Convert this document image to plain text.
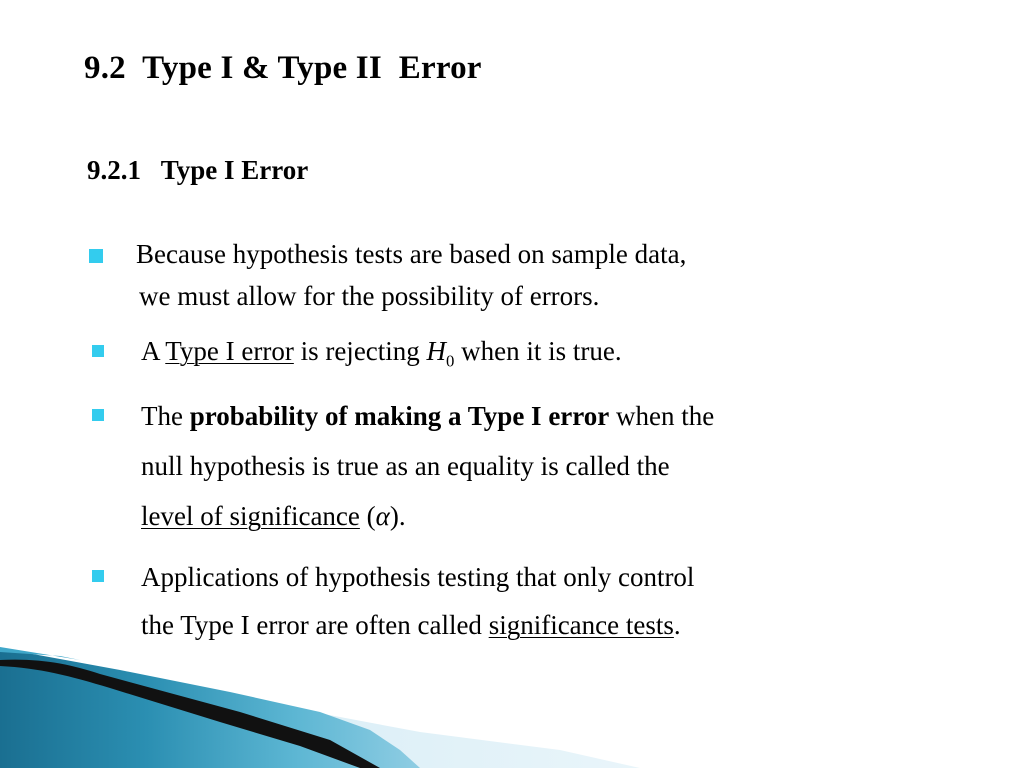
9.2  Type I & Type II  Error
9.2.1   Type I Error
Because hypothesis tests are based on sample data,
we must allow for the possibility of errors.
A Type I error is rejecting $H_0$ when it is true.
The probability of making a Type I error when the
null hypothesis is true as an equality is called the
level of significance (α).
Applications of hypothesis testing that only control
the Type I error are often called significance tests.
